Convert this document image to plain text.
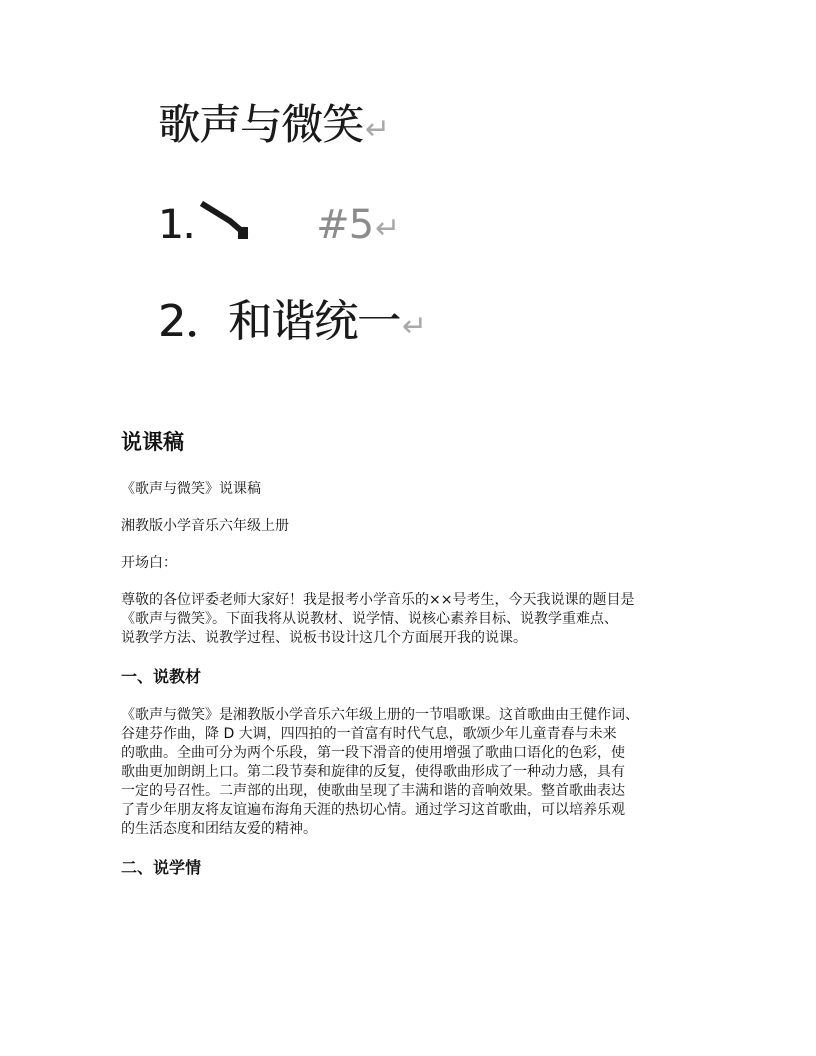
歌声与微笑↵
1.	#5↵
2．和谐统一↵
说课稿
《歌声与微笑》说课稿
湘教版小学音乐六年级上册
开场白：
尊敬的各位评委老师大家好！我是报考小学音乐的××号考生，今天我说课的题目是
《歌声与微笑》。下面我将从说教材、说学情、说核心素养目标、说教学重难点、
说教学方法、说教学过程、说板书设计这几个方面展开我的说课。
一、说教材
《歌声与微笑》是湘教版小学音乐六年级上册的一节唱歌课。这首歌曲由王健作词、
谷建芬作曲，降 D 大调，四四拍的一首富有时代气息，歌颂少年儿童青春与未来
的歌曲。全曲可分为两个乐段，第一段下滑音的使用增强了歌曲口语化的色彩，使
歌曲更加朗朗上口。第二段节奏和旋律的反复，使得歌曲形成了一种动力感，具有
一定的号召性。二声部的出现，使歌曲呈现了丰满和谐的音响效果。整首歌曲表达
了青少年朋友将友谊遍布海角天涯的热切心情。通过学习这首歌曲，可以培养乐观
的生活态度和团结友爱的精神。
二、说学情
